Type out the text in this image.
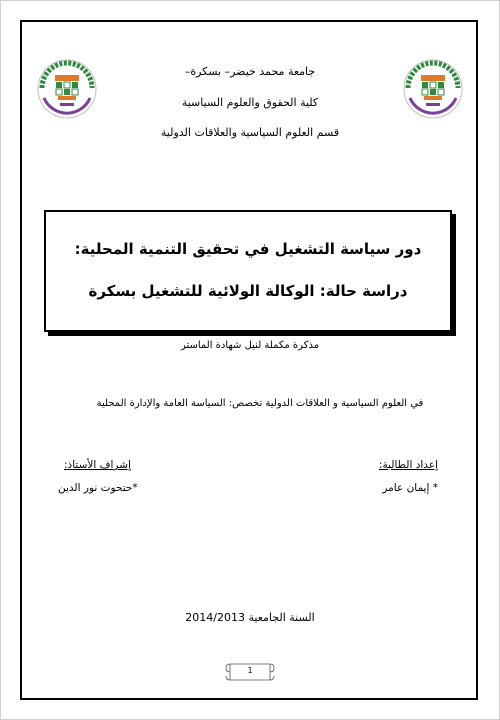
جامعة محمد خيضر– بسكرة–
كلية الحقوق والعلوم السياسية
قسم العلوم السياسية والعلاقات الدولية
دور سياسة التشغيل في تحقيق التنمية المحلية:
دراسة حالة: الوكالة الولائية للتشغيل بسكرة
مذكرة مكملة لنيل شهادة الماستر
في العلوم السياسية و العلاقات الدولية تخصص: السياسة العامة والإدارة المحلية
إعداد الطالبة:
* إيمان عامر
إشراف الأستاذ:
*حتحوت نور الدين
السنة الجامعية 2014/2013
1
